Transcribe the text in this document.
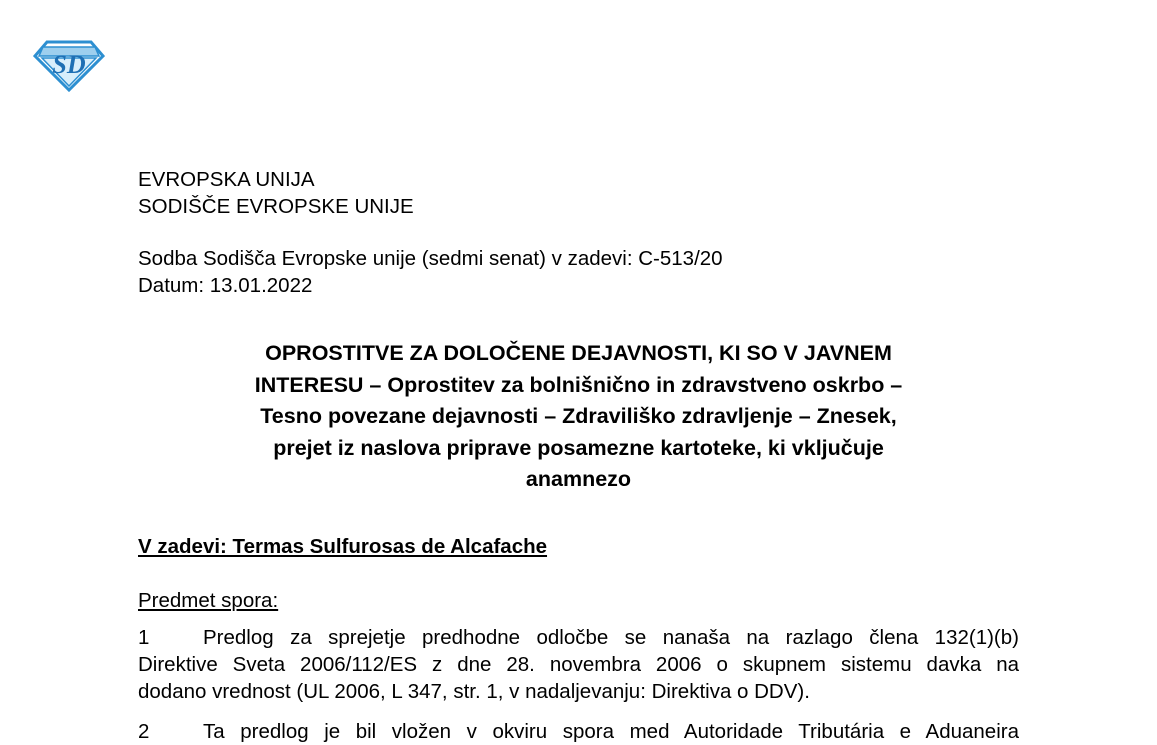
SD
EVROPSKA UNIJA
SODIŠČE EVROPSKE UNIJE
Sodba Sodišča Evropske unije (sedmi senat) v zadevi: C-513/20
Datum: 13.01.2022
OPROSTITVE ZA DOLOČENE DEJAVNOSTI, KI SO V JAVNEM
INTERESU – Oprostitev za bolnišnično in zdravstveno oskrbo –
Tesno povezane dejavnosti – Zdraviliško zdravljenje – Znesek,
prejet iz naslova priprave posamezne kartoteke, ki vključuje
anamnezo
V zadevi: Termas Sulfurosas de Alcafache
Predmet spora:
1	Predlog za sprejetje predhodne odločbe se nanaša na razlago člena 132(1)(b)
Direktive Sveta 2006/112/ES z dne 28. novembra 2006 o skupnem sistemu davka na
dodano vrednost (UL 2006, L 347, str. 1, v nadaljevanju: Direktiva o DDV).
2	Ta predlog je bil vložen v okviru spora med Autoridade Tributária e Aduaneira
